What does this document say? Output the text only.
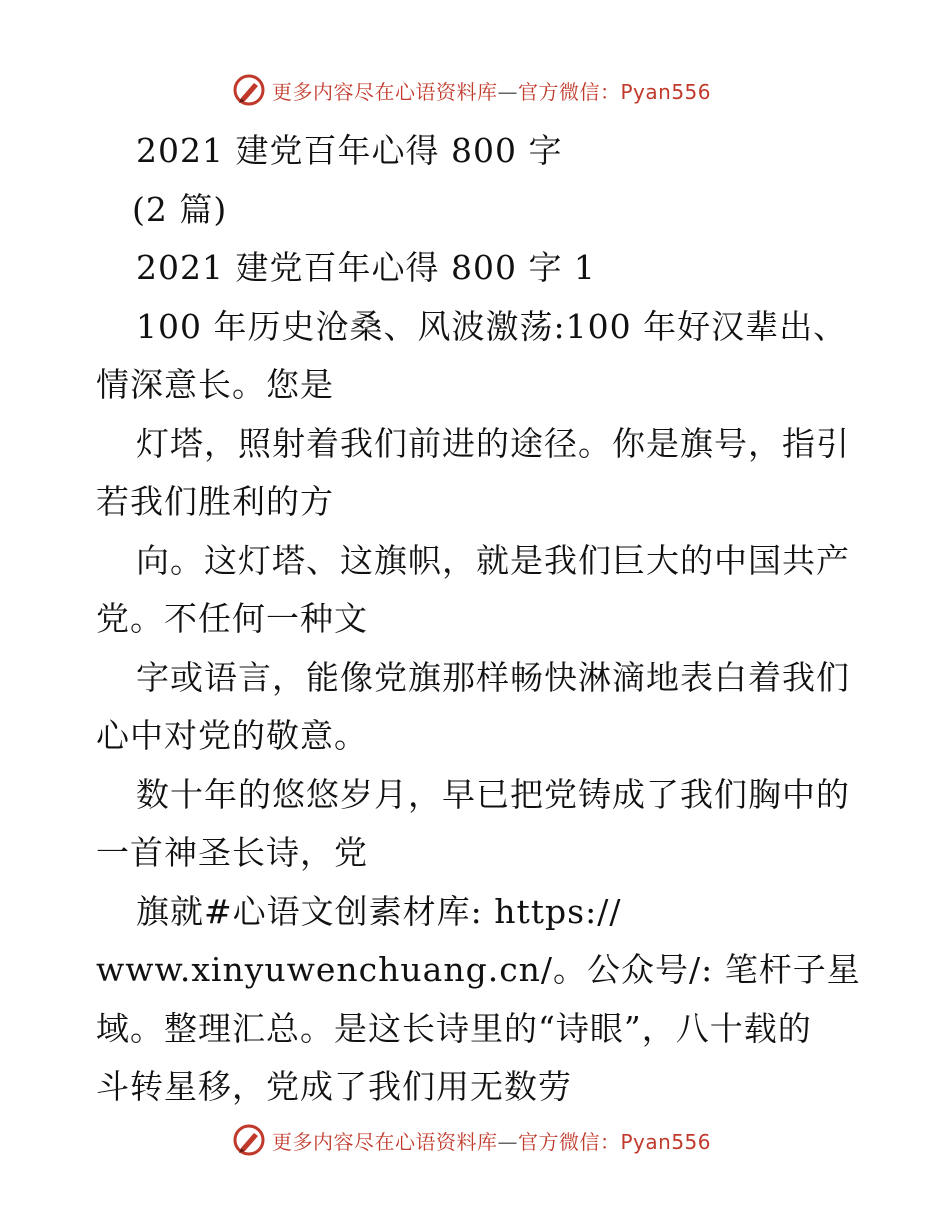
更多内容尽在心语资料库—官方微信：Pyan556
2021 建党百年心得 800 字
(2 篇)
2021 建党百年心得 800 字 1
100 年历史沧桑、风波激荡:100 年好汉辈出、
情深意长。您是
灯塔，照射着我们前进的途径。你是旗号，指引
若我们胜利的方
向。这灯塔、这旗帜，就是我们巨大的中国共产
党。不任何一种文
字或语言，能像党旗那样畅快淋滴地表白着我们
心中对党的敬意。
数十年的悠悠岁月，早已把党铸成了我们胸中的
一首神圣长诗，党
旗就#心语文创素材库: https://
www.xinyuwenchuang.cn/。公众号/: 笔杆子星
域。整理汇总。是这长诗里的“诗眼”，八十载的
斗转星移，党成了我们用无数劳
更多内容尽在心语资料库—官方微信：Pyan556
